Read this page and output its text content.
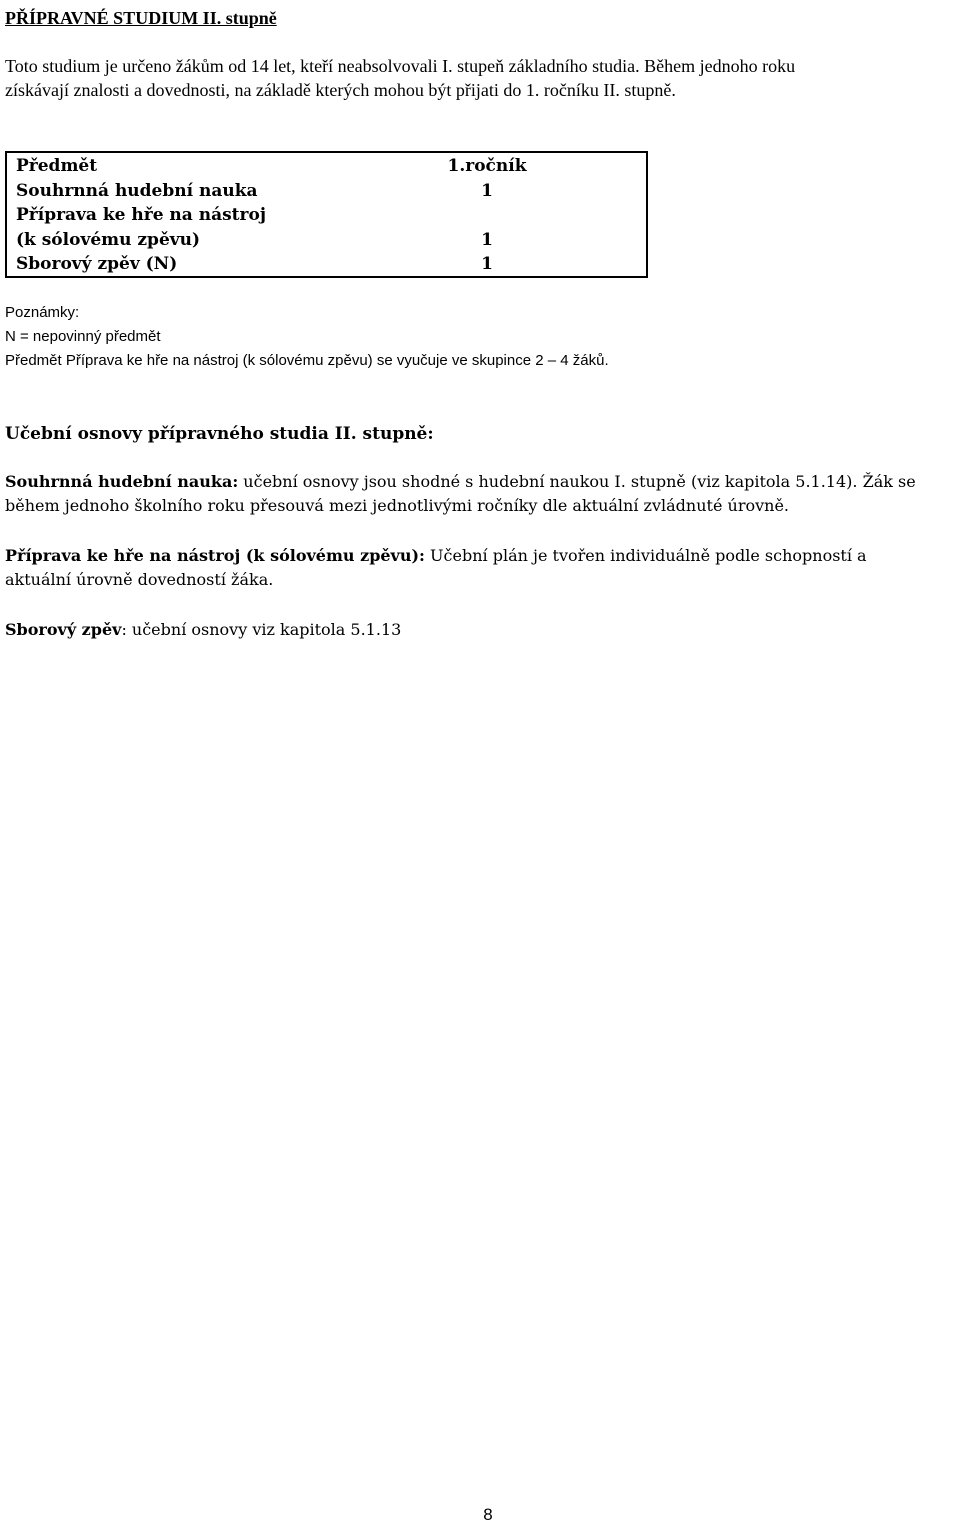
PŘÍPRAVNÉ STUDIUM II. stupně
Toto studium je určeno žákům od 14 let, kteří neabsolvovali I. stupeň základního studia. Během jednoho roku
získávají znalosti a dovednosti, na základě kterých mohou být přijati do 1. ročníku II. stupně.
Předmět
Souhrnná hudební nauka
Příprava ke hře na nástroj
(k sólovému zpěvu)
Sborový zpěv (N)
1.ročník
1
1
1
Poznámky:
N = nepovinný předmět
Předmět Příprava ke hře na nástroj (k sólovému zpěvu) se vyučuje ve skupince 2 – 4 žáků.
Učební osnovy přípravného studia II. stupně:
Souhrnná hudební nauka: učební osnovy jsou shodné s hudební naukou I. stupně (viz kapitola 5.1.14). Žák se
během jednoho školního roku přesouvá mezi jednotlivými ročníky dle aktuální zvládnuté úrovně.
Příprava ke hře na nástroj (k sólovému zpěvu): Učební plán je tvořen individuálně podle schopností a
aktuální úrovně dovedností žáka.
Sborový zpěv: učební osnovy viz kapitola 5.1.13
8
